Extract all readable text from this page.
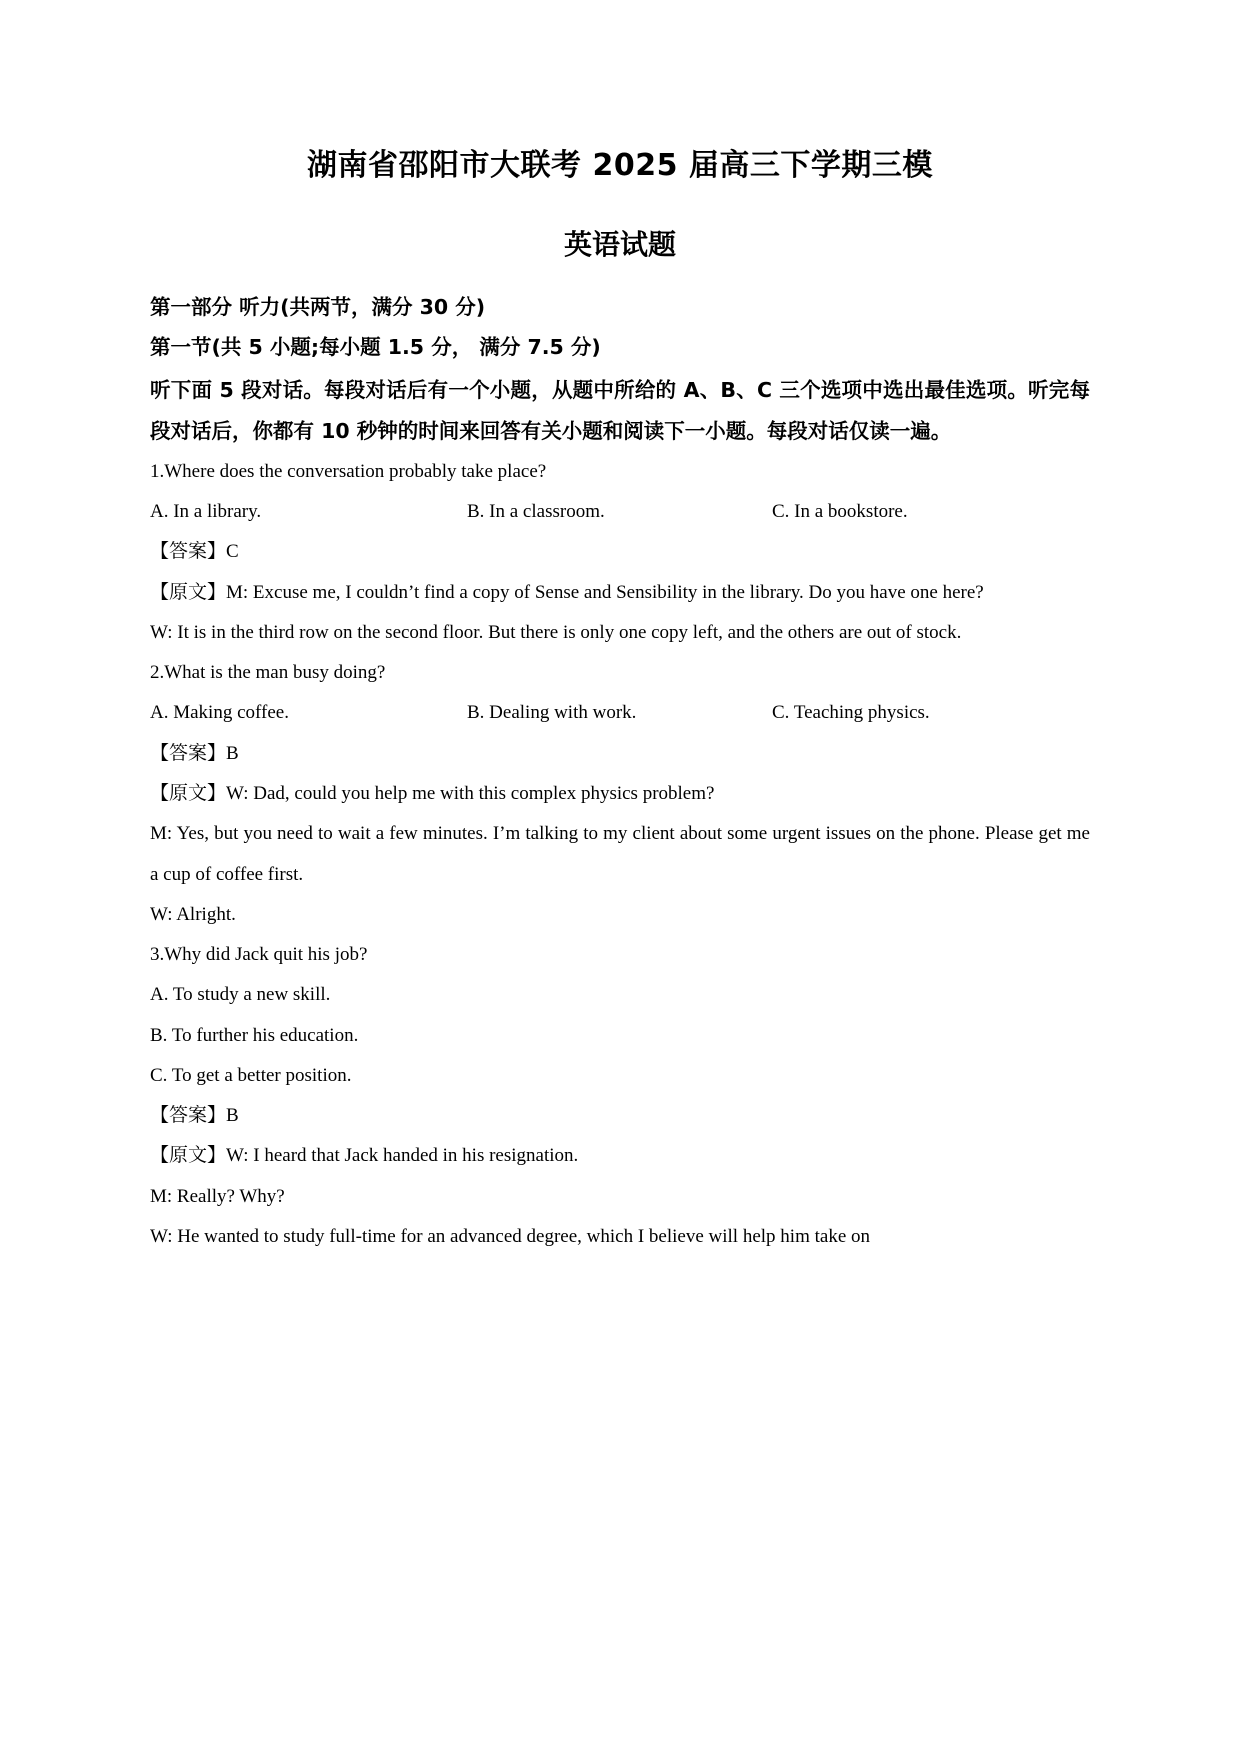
湖南省邵阳市大联考 2025 届高三下学期三模
英语试题

第一部分 听力(共两节，满分 30 分)

第一节(共 5 小题;每小题 1.5 分， 满分 7.5 分)

听下面 5 段对话。每段对话后有一个小题，从题中所给的 A、B、C 三个选项中选出最佳选项。听完每段对话后，你都有 10 秒钟的时间来回答有关小题和阅读下一小题。每段对话仅读一遍。

1.Where does the conversation probably take place?

A. In a library.	B. In a classroom.	C. In a bookstore.

【答案】C

【原文】M: Excuse me, I couldn’t find a copy of Sense and Sensibility in the library. Do you have one here?

W: It is in the third row on the second floor. But there is only one copy left, and the others are out of stock.

2.What is the man busy doing?

A. Making coffee.	B. Dealing with work.	C. Teaching physics.

【答案】B

【原文】W: Dad, could you help me with this complex physics problem?

M: Yes, but you need to wait a few minutes. I’m talking to my client about some urgent issues on the phone. Please get me a cup of coffee first.

W: Alright.

3.Why did Jack quit his job?

A. To study a new skill.

B. To further his education.

C. To get a better position.

【答案】B

【原文】W: I heard that Jack handed in his resignation.

M: Really? Why?

W: He wanted to study full-time for an advanced degree, which I believe will help him take on
